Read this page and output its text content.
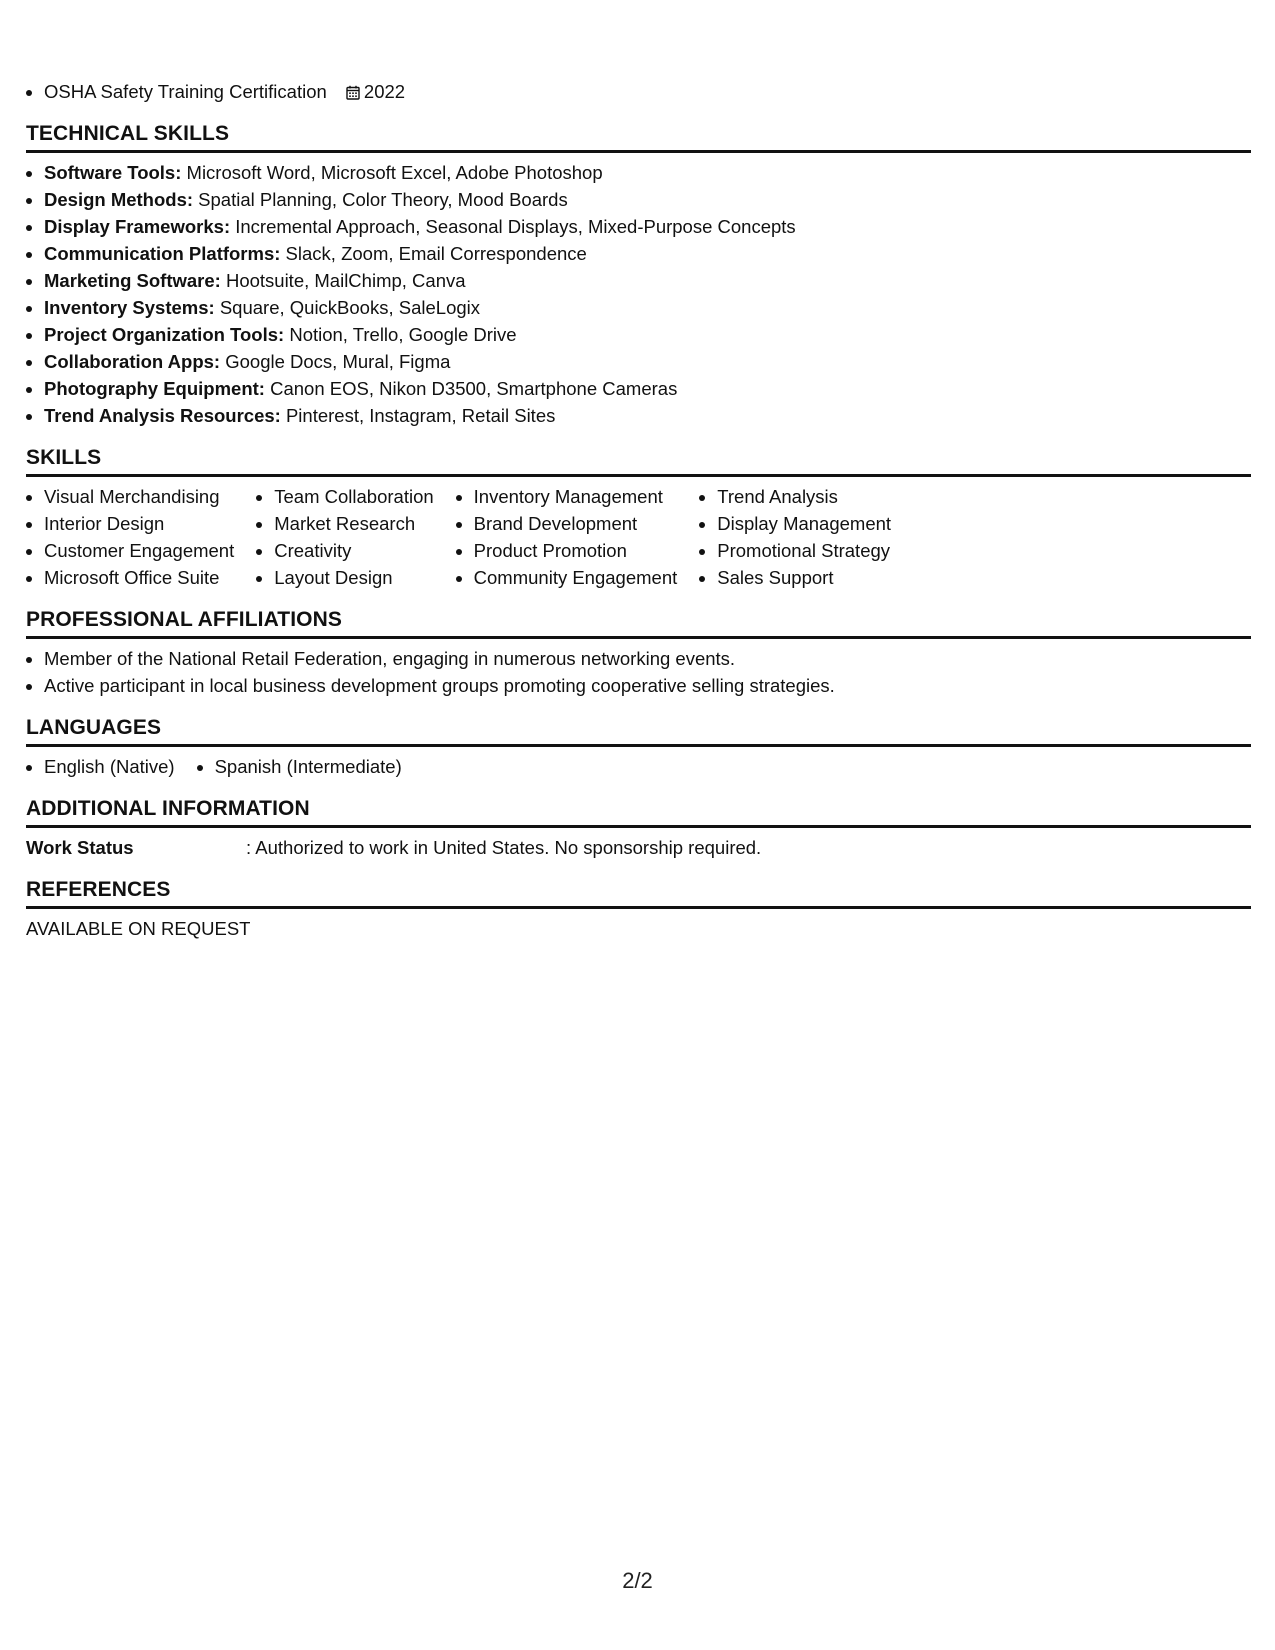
OSHA Safety Training Certification 2022
TECHNICAL SKILLS
Software Tools: Microsoft Word, Microsoft Excel, Adobe Photoshop
Design Methods: Spatial Planning, Color Theory, Mood Boards
Display Frameworks: Incremental Approach, Seasonal Displays, Mixed-Purpose Concepts
Communication Platforms: Slack, Zoom, Email Correspondence
Marketing Software: Hootsuite, MailChimp, Canva
Inventory Systems: Square, QuickBooks, SaleLogix
Project Organization Tools: Notion, Trello, Google Drive
Collaboration Apps: Google Docs, Mural, Figma
Photography Equipment: Canon EOS, Nikon D3500, Smartphone Cameras
Trend Analysis Resources: Pinterest, Instagram, Retail Sites
SKILLS
Visual Merchandising
Interior Design
Customer Engagement
Microsoft Office Suite
Team Collaboration
Market Research
Creativity
Layout Design
Inventory Management
Brand Development
Product Promotion
Community Engagement
Trend Analysis
Display Management
Promotional Strategy
Sales Support
PROFESSIONAL AFFILIATIONS
Member of the National Retail Federation, engaging in numerous networking events.
Active participant in local business development groups promoting cooperative selling strategies.
LANGUAGES
English (Native)	Spanish (Intermediate)
ADDITIONAL INFORMATION
Work Status	: Authorized to work in United States. No sponsorship required.
REFERENCES
AVAILABLE ON REQUEST
2/2
